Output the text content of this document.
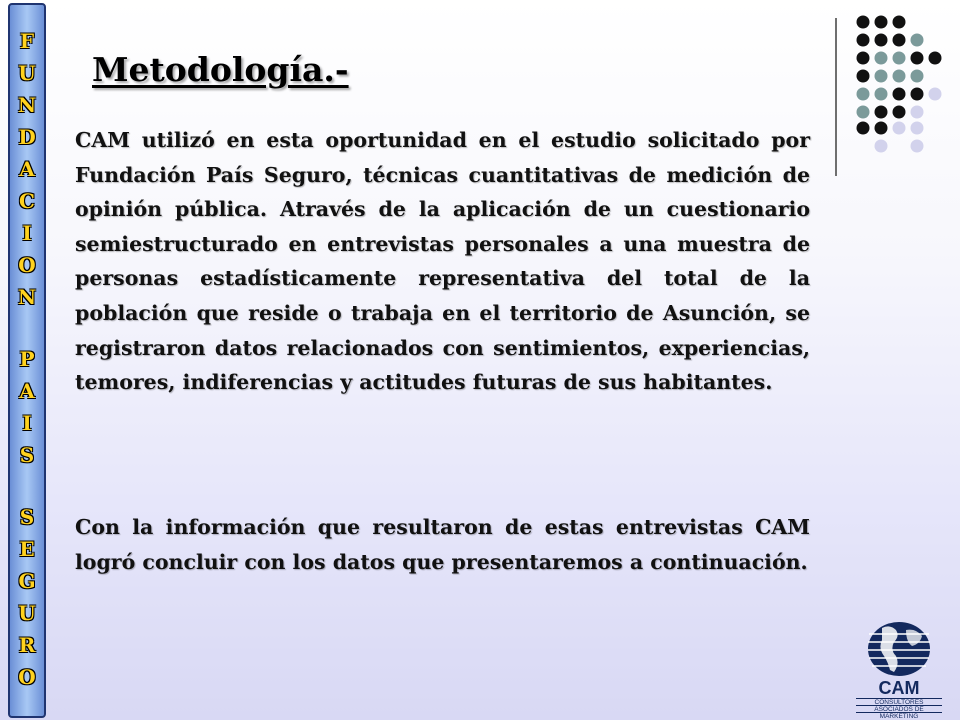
F
U
N
D
A
C
I
O
N
P
A
I
S
S
E
G
U
R
O
Metodología.-

CAM utilizó en esta oportunidad en el estudio solicitado por Fundación País Seguro, técnicas cuantitativas de medición de opinión pública. Através de la aplicación de un cuestionario semiestructurado en entrevistas personales a una muestra de personas estadísticamente representativa del total de la población que reside o trabaja en el territorio de Asunción, se registraron datos relacionados con sentimientos, experiencias, temores, indiferencias y actitudes futuras de sus habitantes.

Con la información que resultaron de estas entrevistas CAM logró concluir con los datos que presentaremos a continuación.

CAM
CONSULTORES
ASOCIADOS DE
MARKETING
